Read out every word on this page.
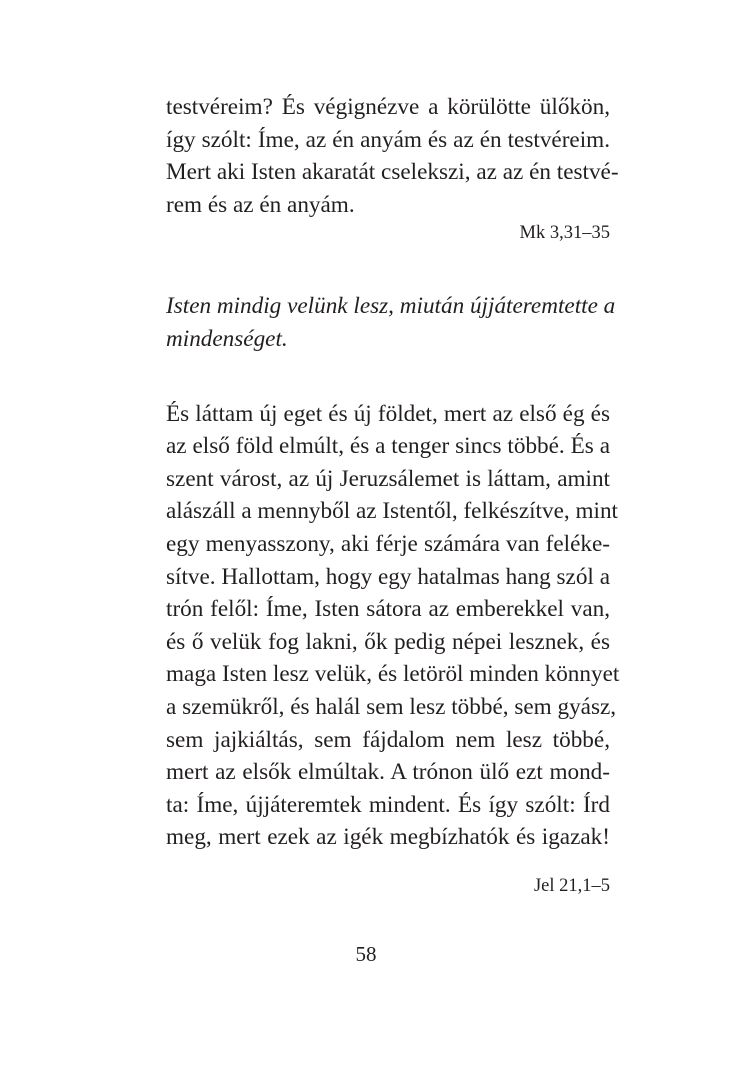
testvéreim? És végignézve a körülötte ülőkön,
így szólt: Íme, az én anyám és az én testvéreim.
Mert aki Isten akaratát cselekszi, az az én testvé-
rem és az én anyám.
Mk 3,31–35
Isten mindig velünk lesz, miután újjáteremtette a
mindenséget.
És láttam új eget és új földet, mert az első ég és
az első föld elmúlt, és a tenger sincs többé. És a
szent várost, az új Jeruzsálemet is láttam, amint
alászáll a mennyből az Istentől, felkészítve, mint
egy menyasszony, aki férje számára van feléke-
sítve. Hallottam, hogy egy hatalmas hang szól a
trón felől: Íme, Isten sátora az emberekkel van,
és ő velük fog lakni, ők pedig népei lesznek, és
maga Isten lesz velük, és letöröl minden könnyet
a szemükről, és halál sem lesz többé, sem gyász,
sem jajkiáltás, sem fájdalom nem lesz többé,
mert az elsők elmúltak. A trónon ülő ezt mond-
ta: Íme, újjáteremtek mindent. És így szólt: Írd
meg, mert ezek az igék megbízhatók és igazak!
Jel 21,1–5
58
